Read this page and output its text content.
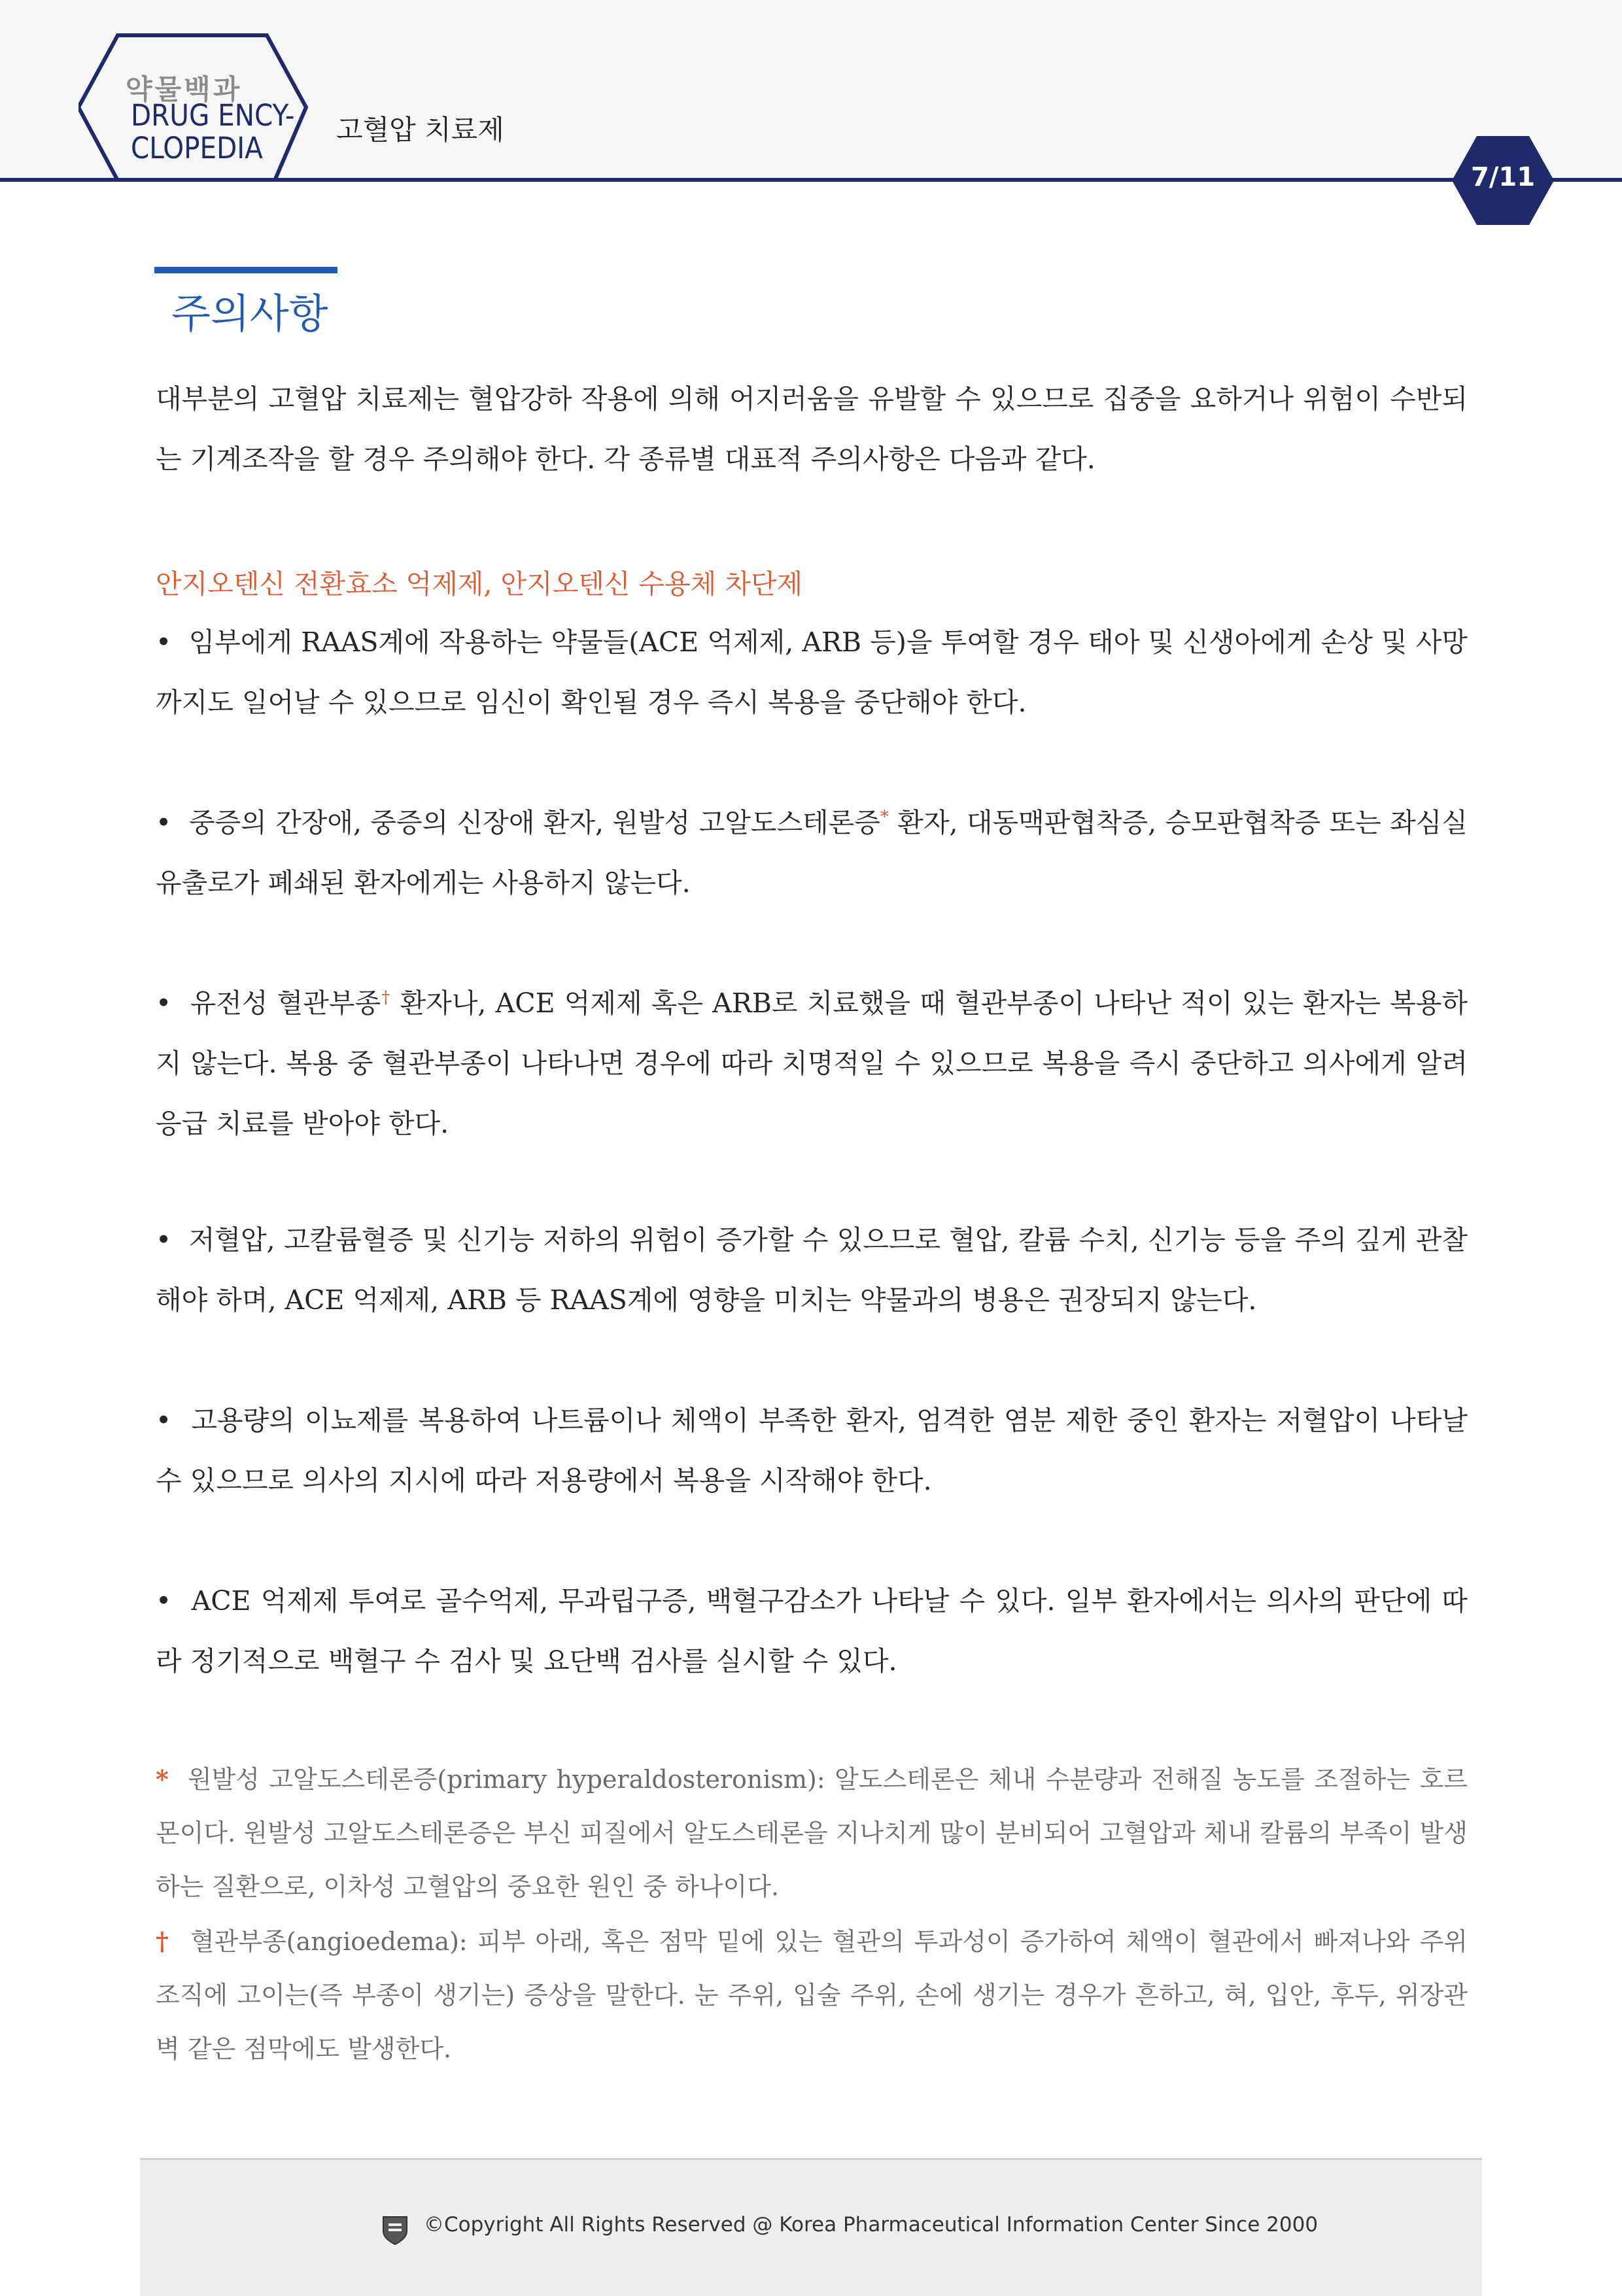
약물백과
DRUG ENCY-
CLOPEDIA
고혈압 치료제
7/11
주의사항
대부분의 고혈압 치료제는 혈압강하 작용에 의해 어지러움을 유발할 수 있으므로 집중을 요하거나 위험이 수반되는 기계조작을 할 경우 주의해야 한다. 각 종류별 대표적 주의사항은 다음과 같다.
안지오텐신 전환효소 억제제, 안지오텐신 수용체 차단제
• 임부에게 RAAS계에 작용하는 약물들(ACE 억제제, ARB 등)을 투여할 경우 태아 및 신생아에게 손상 및 사망까지도 일어날 수 있으므로 임신이 확인될 경우 즉시 복용을 중단해야 한다.
• 중증의 간장애, 중증의 신장애 환자, 원발성 고알도스테론증* 환자, 대동맥판협착증, 승모판협착증 또는 좌심실 유출로가 폐쇄된 환자에게는 사용하지 않는다.
• 유전성 혈관부종† 환자나, ACE 억제제 혹은 ARB로 치료했을 때 혈관부종이 나타난 적이 있는 환자는 복용하지 않는다. 복용 중 혈관부종이 나타나면 경우에 따라 치명적일 수 있으므로 복용을 즉시 중단하고 의사에게 알려 응급 치료를 받아야 한다.
• 저혈압, 고칼륨혈증 및 신기능 저하의 위험이 증가할 수 있으므로 혈압, 칼륨 수치, 신기능 등을 주의 깊게 관찰해야 하며, ACE 억제제, ARB 등 RAAS계에 영향을 미치는 약물과의 병용은 권장되지 않는다.
• 고용량의 이뇨제를 복용하여 나트륨이나 체액이 부족한 환자, 엄격한 염분 제한 중인 환자는 저혈압이 나타날 수 있으므로 의사의 지시에 따라 저용량에서 복용을 시작해야 한다.
• ACE 억제제 투여로 골수억제, 무과립구증, 백혈구감소가 나타날 수 있다. 일부 환자에서는 의사의 판단에 따라 정기적으로 백혈구 수 검사 및 요단백 검사를 실시할 수 있다.
* 원발성 고알도스테론증(primary hyperaldosteronism): 알도스테론은 체내 수분량과 전해질 농도를 조절하는 호르몬이다. 원발성 고알도스테론증은 부신 피질에서 알도스테론을 지나치게 많이 분비되어 고혈압과 체내 칼륨의 부족이 발생하는 질환으로, 이차성 고혈압의 중요한 원인 중 하나이다.
† 혈관부종(angioedema): 피부 아래, 혹은 점막 밑에 있는 혈관의 투과성이 증가하여 체액이 혈관에서 빠져나와 주위 조직에 고이는(즉 부종이 생기는) 증상을 말한다. 눈 주위, 입술 주위, 손에 생기는 경우가 흔하고, 혀, 입안, 후두, 위장관 벽 같은 점막에도 발생한다.
©Copyright All Rights Reserved @ Korea Pharmaceutical Information Center Since 2000
